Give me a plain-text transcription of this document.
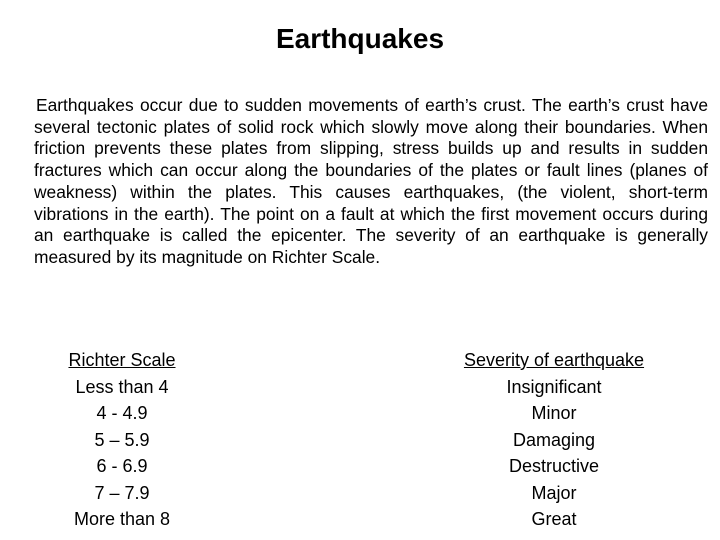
Earthquakes
Earthquakes occur due to sudden movements of earth’s crust. The earth’s crust have several tectonic plates of solid rock which slowly move along their boundaries. When friction prevents these plates from slipping, stress builds up and results in sudden fractures which can occur along the boundaries of the plates or fault lines (planes of weakness) within the plates. This causes earthquakes, (the violent, short-term vibrations in the earth). The point on a fault at which the first movement occurs during an earthquake is called the epicenter. The severity of an earthquake is generally measured by its magnitude on Richter Scale.
Richter Scale
Less than 4
4 - 4.9
5 – 5.9
6 - 6.9
7 – 7.9
More than 8
Severity of earthquake
Insignificant
Minor
Damaging
Destructive
Major
Great
